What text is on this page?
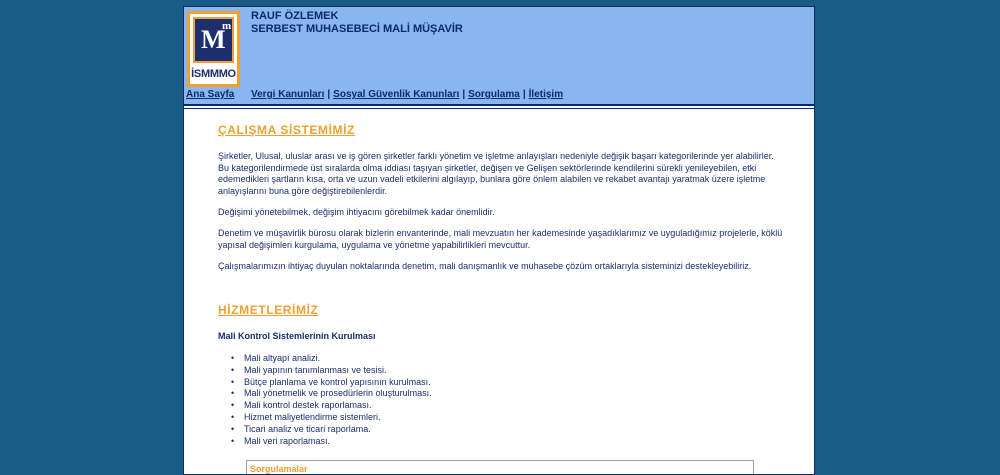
M
m
İSMMMO
RAUF ÖZLEMEK
SERBEST MUHASEBECİ MALİ MÜŞAVİR
Ana Sayfa Vergi Kanunları | Sosyal Güvenlik Kanunları | Sorgulama | İletişim
ÇALIŞMA SİSTEMİMİZ

Şirketler, Ulusal, uluslar arası ve iş gören şirketler farklı yönetim ve işletme anlayışları nedeniyle değişik başarı kategorilerinde yer alabilirler. Bu kategorilendirmede üst sıralarda olma iddiası taşıyan şirketler, değişen ve Gelişen sektörlerinde kendilerini sürekli yenileyebilen, etki edemedikleri şartların kısa, orta ve uzun vadeli etkilerini algılayıp, bunlara göre önlem alabilen ve rekabet avantajı yaratmak üzere işletme anlayışlarını buna göre değiştirebilenlerdir.

Değişimi yönetebilmek, değişim ihtiyacını görebilmek kadar önemlidir.

Denetim ve müşavirlik bürosu olarak bizlerin envanterinde, mali mevzuatın her kademesinde yaşadıklarımız ve uyguladığımız projelerle, köklü yapısal değişimleri kurgulama, uygulama ve yönetme yapabilirlikleri mevcuttur.

Çalışmalarımızın ihtiyaç duyulan noktalarında denetim, mali danışmanlık ve muhasebe çözüm ortaklarıyla sisteminizi destekleyebiliriz.

HİZMETLERİMİZ

Mali Kontrol Sistemlerinin Kurulması

• Mali altyapı analizi.
• Mali yapının tanımlanması ve tesisi.
• Bütçe planlama ve kontrol yapısının kurulması.
• Mali yönetmelik ve prosedürlerin oluşturulması.
• Mali kontrol destek raporlaması.
• Hizmet maliyetlendirme sistemleri.
• Ticari analiz ve ticari raporlama.
• Mali veri raporlaması.
Sorgulamalar
